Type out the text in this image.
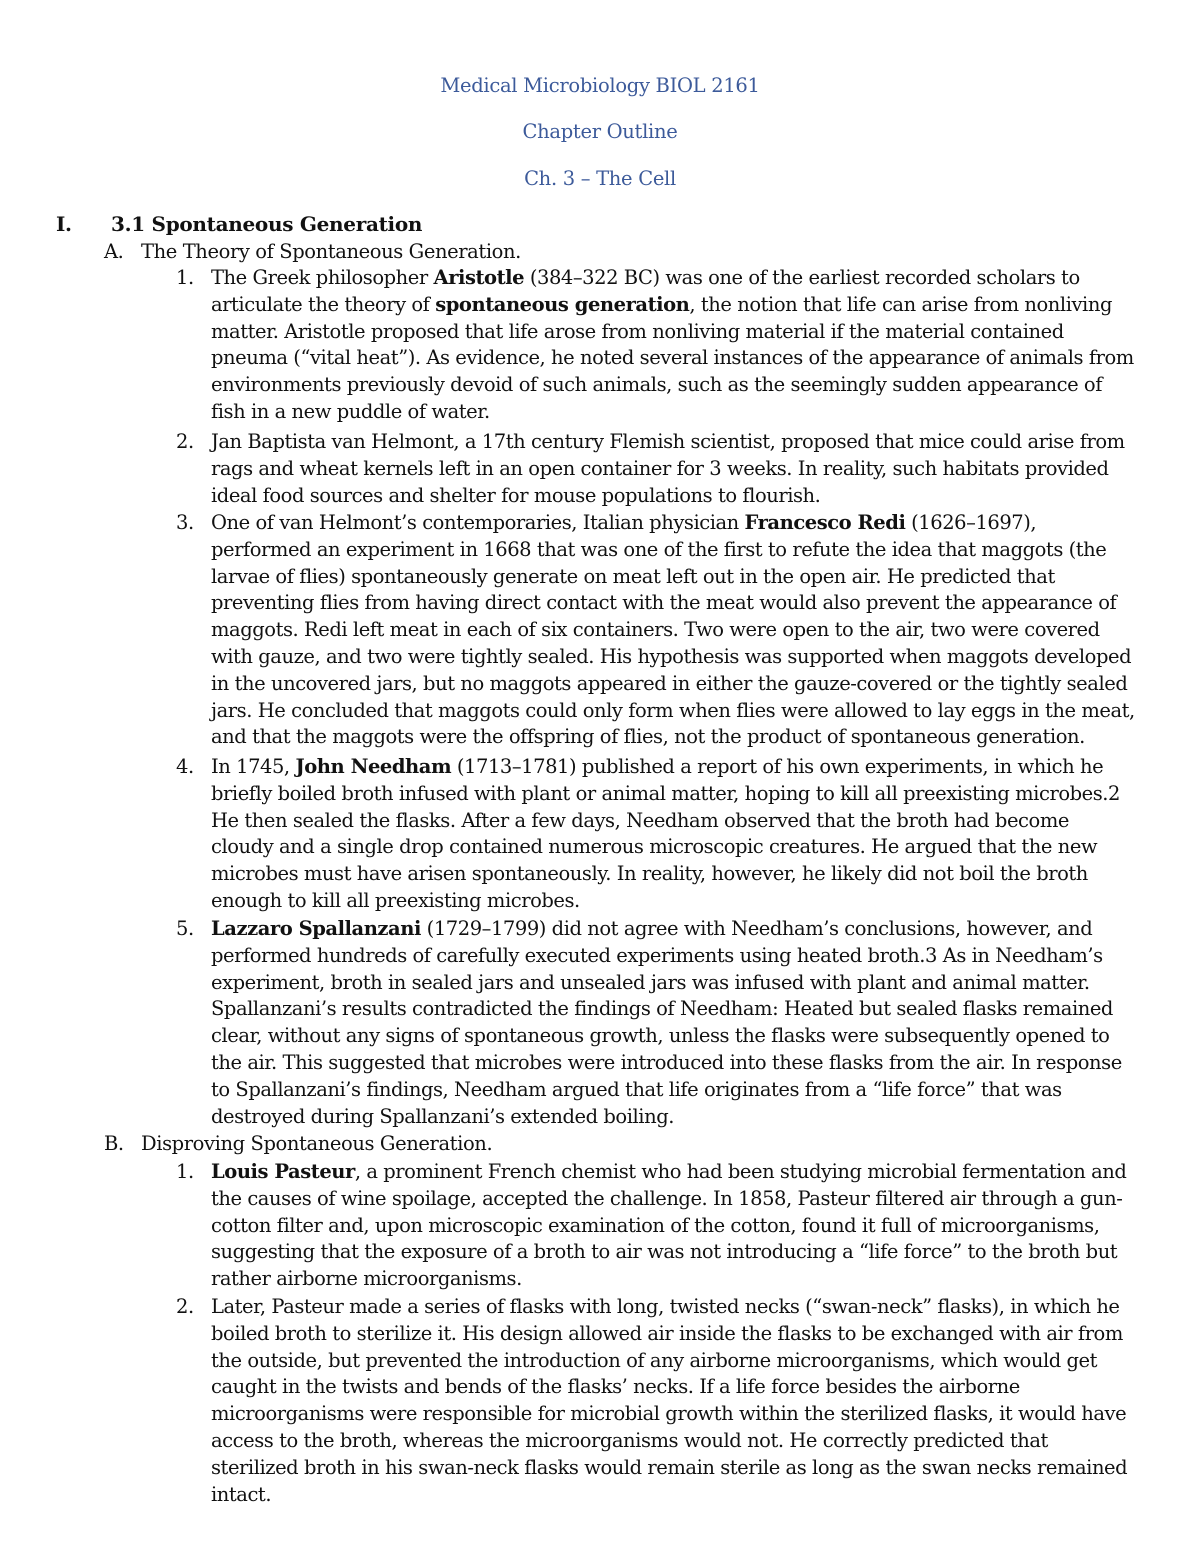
Medical Microbiology BIOL 2161
Chapter Outline
Ch. 3 – The Cell
I. 3.1 Spontaneous Generation
A. The Theory of Spontaneous Generation.
1. The Greek philosopher Aristotle (384–322 BC) was one of the earliest recorded scholars to articulate the theory of spontaneous generation, the notion that life can arise from nonliving matter. Aristotle proposed that life arose from nonliving material if the material contained pneuma (“vital heat”). As evidence, he noted several instances of the appearance of animals from environments previously devoid of such animals, such as the seemingly sudden appearance of fish in a new puddle of water.
2. Jan Baptista van Helmont, a 17th century Flemish scientist, proposed that mice could arise from rags and wheat kernels left in an open container for 3 weeks. In reality, such habitats provided ideal food sources and shelter for mouse populations to flourish.
3. One of van Helmont’s contemporaries, Italian physician Francesco Redi (1626–1697), performed an experiment in 1668 that was one of the first to refute the idea that maggots (the larvae of flies) spontaneously generate on meat left out in the open air. He predicted that preventing flies from having direct contact with the meat would also prevent the appearance of maggots. Redi left meat in each of six containers. Two were open to the air, two were covered with gauze, and two were tightly sealed. His hypothesis was supported when maggots developed in the uncovered jars, but no maggots appeared in either the gauze-covered or the tightly sealed jars. He concluded that maggots could only form when flies were allowed to lay eggs in the meat, and that the maggots were the offspring of flies, not the product of spontaneous generation.
4. In 1745, John Needham (1713–1781) published a report of his own experiments, in which he briefly boiled broth infused with plant or animal matter, hoping to kill all preexisting microbes.2 He then sealed the flasks. After a few days, Needham observed that the broth had become cloudy and a single drop contained numerous microscopic creatures. He argued that the new microbes must have arisen spontaneously. In reality, however, he likely did not boil the broth enough to kill all preexisting microbes.
5. Lazzaro Spallanzani (1729–1799) did not agree with Needham’s conclusions, however, and performed hundreds of carefully executed experiments using heated broth.3 As in Needham’s experiment, broth in sealed jars and unsealed jars was infused with plant and animal matter. Spallanzani’s results contradicted the findings of Needham: Heated but sealed flasks remained clear, without any signs of spontaneous growth, unless the flasks were subsequently opened to the air. This suggested that microbes were introduced into these flasks from the air. In response to Spallanzani’s findings, Needham argued that life originates from a “life force” that was destroyed during Spallanzani’s extended boiling.
B. Disproving Spontaneous Generation.
1. Louis Pasteur, a prominent French chemist who had been studying microbial fermentation and the causes of wine spoilage, accepted the challenge. In 1858, Pasteur filtered air through a gun-cotton filter and, upon microscopic examination of the cotton, found it full of microorganisms, suggesting that the exposure of a broth to air was not introducing a “life force” to the broth but rather airborne microorganisms.
2. Later, Pasteur made a series of flasks with long, twisted necks (“swan-neck” flasks), in which he boiled broth to sterilize it. His design allowed air inside the flasks to be exchanged with air from the outside, but prevented the introduction of any airborne microorganisms, which would get caught in the twists and bends of the flasks’ necks. If a life force besides the airborne microorganisms were responsible for microbial growth within the sterilized flasks, it would have access to the broth, whereas the microorganisms would not. He correctly predicted that sterilized broth in his swan-neck flasks would remain sterile as long as the swan necks remained intact.
